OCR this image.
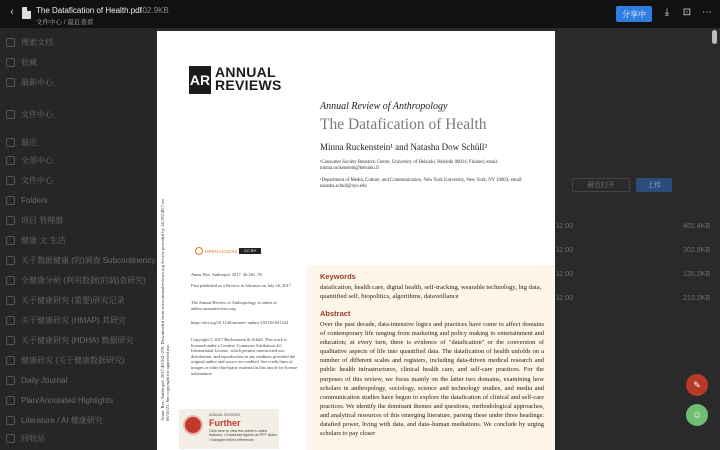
搜索文档
收藏
最新中心
文件中心
最近
全部中心
文件中心
Folders
项目 管理器
健康 文 生活
关于数据健康 (的)调查 Subcontinency
全健康分析 (利用数据(的调)查研究)
关于健康研究 (重要)研究记录
关于健康研究 (HMAP) 其研究
关于健康研究 (HDHA) 数据研究
健康研究 (关于健康数据研究)
Daily Journal
Plan/Annotated Highlights
Literature / AI 健康研究
回收站
最近打开	上传
11:00	465.4KB
11:00	302.9KB
11:00	135.2KB
11:00	213.2KB
‹	The Datafication of Health.pdf
302.9KB
文件中心 / 最近查看
分享中	⤓	⊡ ⋯
Annu. Rev. Anthropol. 2017.46:261-278. Downloaded from www.annualreviews.org Access provided by 14.192.49.7 on 06/10/21. See copyright for approved use.
AR ANNUAL
REVIEWS
Annual Review of Anthropology
The Datafication of Health
Minna Ruckenstein¹ and Natasha Dow Schüll²
¹Consumer Society Research Centre, University of Helsinki, Helsinki 00014, Finland; email: minna.ruckenstein@helsinki.fi
²Department of Media, Culture, and Communication, New York University, New York, NY 10003; email: natasha.schull@nyu.edu
OPEN ACCESS	CC BY
Annu. Rev. Anthropol. 2017. 46:261–78
First published as a Review in Advance on July 26, 2017
The Annual Review of Anthropology is online at anthro.annualreviews.org
https://doi.org/10.1146/annurev-anthro-102116-041244
Copyright © 2017 Ruckenstein & Schüll. This work is licensed under a Creative Commons Attribution 4.0 International License, which permits unrestricted use, distribution, and reproduction in any medium, provided the original author and source are credited. See credit lines of images or other third-party material in this article for license information
Keywords
datafication, health care, digital health, self-tracking, wearable technology, big data, quantified self, biopolitics, algorithms, dataveillance
Abstract
Over the past decade, data-intensive logics and practices have come to affect domains of contemporary life ranging from marketing and policy making to entertainment and education; at every turn, there is evidence of "datafication" or the conversion of qualitative aspects of life into quantified data. The datafication of health unfolds on a number of different scales and registers, including data-driven medical research and public health infrastructures, clinical health care, and self-care practices. For the purposes of this review, we focus mainly on the latter two domains, examining how scholars in anthropology, sociology, science and technology studies, and media and communication studies have begun to explore the datafication of clinical and self-care practices. We identify the dominant themes and questions, methodological approaches, and analytical resources of this emerging literature, parsing these under three headings: datafied power, living with data, and data–human mediations. We conclude by urging scholars to pay closer
ANNUAL REVIEWS
Further
Click here to view this article's online features: • Download figures as PPT slides • Navigate linked references
✎
☺
